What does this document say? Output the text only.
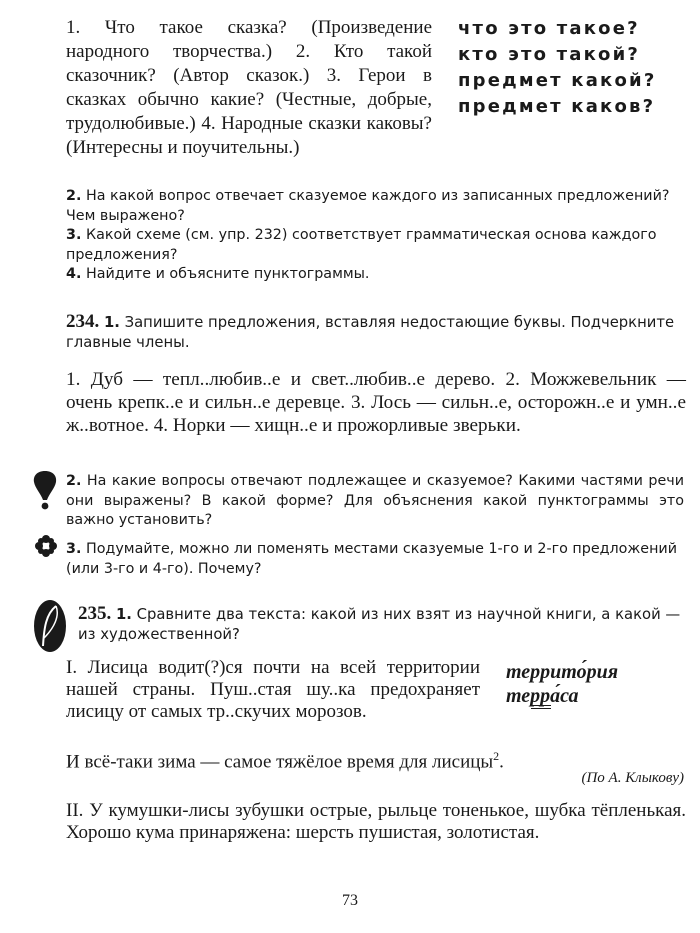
1. Что такое сказка? (Произведение народного творчества.) 2. Кто такой сказочник? (Автор сказок.) 3. Герои в сказках обычно какие? (Честные, добрые, трудолюбивые.) 4. Народные сказки каковы? (Интересны и поучительны.)

что это такое?
кто это такой?
предмет какой?
предмет каков?
2. На какой вопрос отвечает сказуемое каждого из записанных предложений? Чем выражено?
3. Какой схеме (см. упр. 232) соответствует грамматическая основа каждого предложения?
4. Найдите и объясните пунктограммы.
234. 1. Запишите предложения, вставляя недостающие буквы. Подчеркните главные члены.

1. Дуб — тепл..любив..е и свет..любив..е дерево. 2. Можжевельник — очень крепк..е и сильн..е деревце. 3. Лось — сильн..е, осторожн..е и умн..е ж..вотное. 4. Норки — хищн..е и прожорливые зверьки.

2. На какие вопросы отвечают подлежащее и сказуемое? Какими частями речи они выражены? В какой форме? Для объяснения какой пунктограммы это важно установить?
3. Подумайте, можно ли поменять местами сказуемые 1-го и 2-го предложений (или 3-го и 4-го). Почему?
235. 1. Сравните два текста: какой из них взят из научной книги, а какой — из художественной?

I. Лисица водит(?)ся почти на всей территории нашей страны. Пуш..стая шу..ка предохраняет лисицу от самых тр..скучих морозов.

террито́рия
терра́са
И всё-таки зима — самое тяжёлое время для лисицы$^2$.
(По А. Клыкову)

II. У кумушки-лисы зубушки острые, рыльце тоненькое, шубка тёпленькая. Хорошо кума принаряжена: шерсть пушистая, золотистая.

73
